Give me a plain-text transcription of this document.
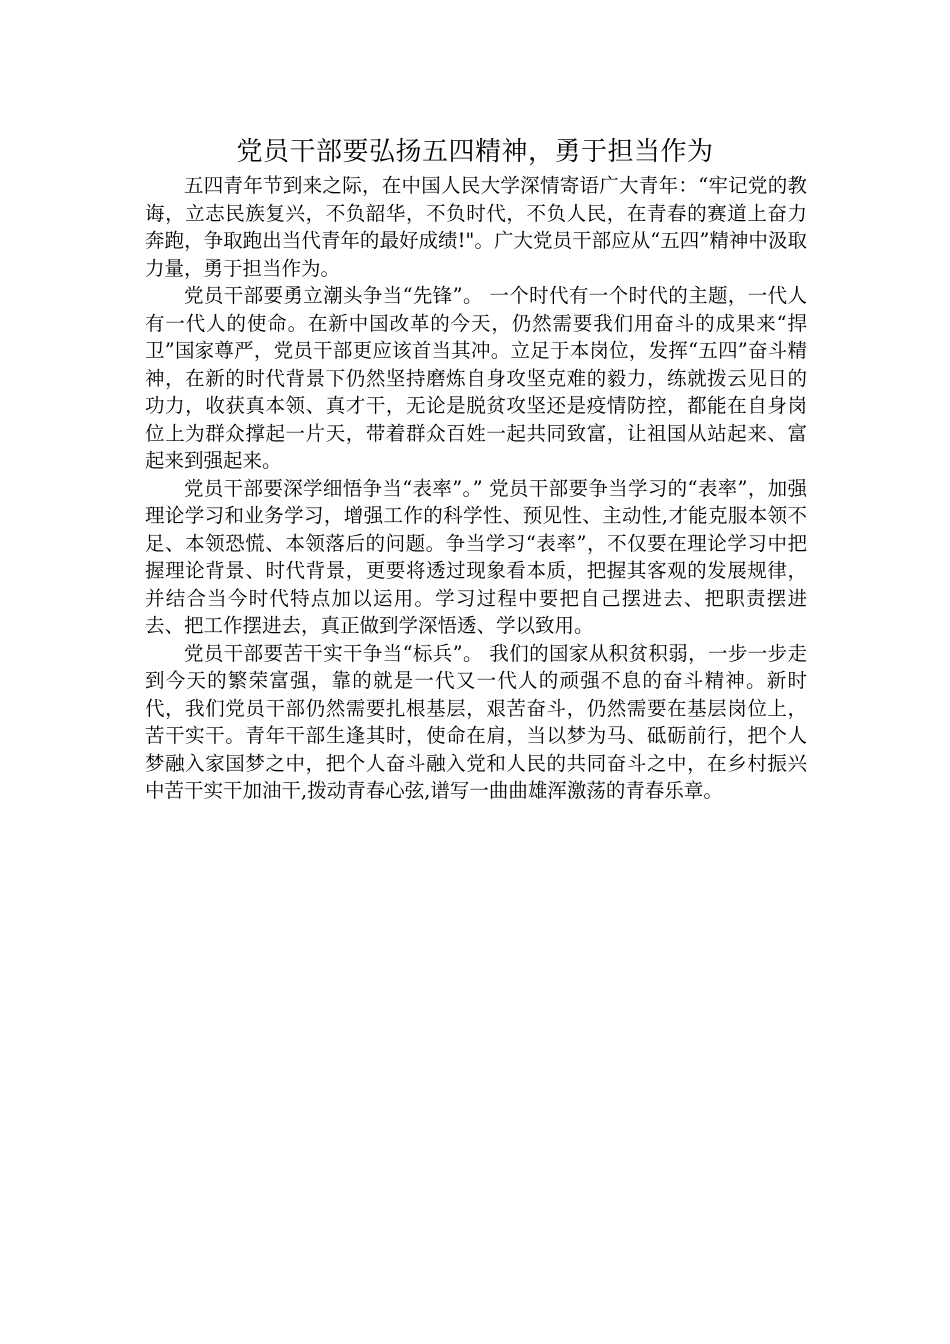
党员干部要弘扬五四精神，勇于担当作为

五四青年节到来之际，在中国人民大学深情寄语广大青年：“牢记党的教诲，立志民族复兴，不负韶华，不负时代，不负人民，在青春的赛道上奋力奔跑，争取跑出当代青年的最好成绩!"。广大党员干部应从“五四”精神中汲取力量，勇于担当作为。

党员干部要勇立潮头争当“先锋”。 一个时代有一个时代的主题，一代人有一代人的使命。在新中国改革的今天，仍然需要我们用奋斗的成果来“捍卫”国家尊严，党员干部更应该首当其冲。立足于本岗位，发挥“五四”奋斗精神，在新的时代背景下仍然坚持磨炼自身攻坚克难的毅力，练就拨云见日的功力，收获真本领、真才干，无论是脱贫攻坚还是疫情防控，都能在自身岗位上为群众撑起一片天，带着群众百姓一起共同致富，让祖国从站起来、富起来到强起来。

党员干部要深学细悟争当“表率”。” 党员干部要争当学习的“表率”，加强理论学习和业务学习，增强工作的科学性、预见性、主动性,才能克服本领不足、本领恐慌、本领落后的问题。争当学习“表率”，不仅要在理论学习中把握理论背景、时代背景，更要将透过现象看本质，把握其客观的发展规律，并结合当今时代特点加以运用。学习过程中要把自己摆进去、把职责摆进去、把工作摆进去，真正做到学深悟透、学以致用。

党员干部要苦干实干争当“标兵”。 我们的国家从积贫积弱，一步一步走到今天的繁荣富强，靠的就是一代又一代人的顽强不息的奋斗精神。新时代，我们党员干部仍然需要扎根基层，艰苦奋斗，仍然需要在基层岗位上，苦干实干。青年干部生逢其时，使命在肩，当以梦为马、砥砺前行，把个人梦融入家国梦之中，把个人奋斗融入党和人民的共同奋斗之中，在乡村振兴中苦干实干加油干,拨动青春心弦,谱写一曲曲雄浑激荡的青春乐章。
